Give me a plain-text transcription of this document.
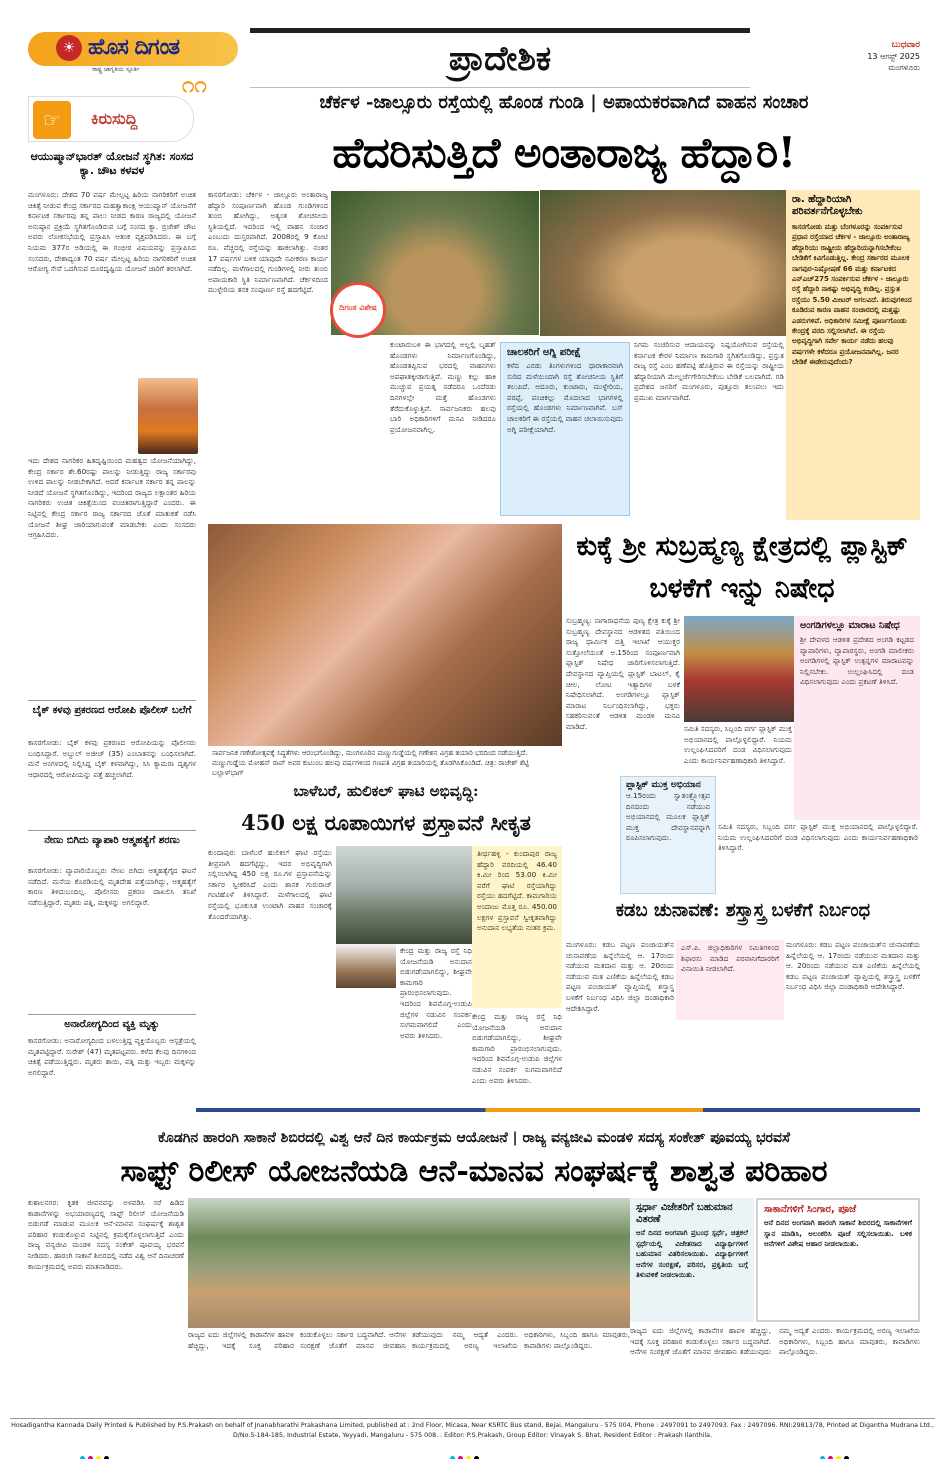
☀ ಹೊಸ ದಿಗಂತ
ರಾಷ್ಟ್ರ ಜಾಗೃತಿಯ ಸ್ಪೂರ್ತಿ
೧೧
ಪ್ರಾದೇಶಿಕ	ಬುಧವಾರ
13 ಆಗಸ್ಟ್ 2025
ಮಂಗಳೂರು
☞	ಕಿರುಸುದ್ದಿ
ಆಯುಷ್ಮಾನ್‌ಭಾರತ್ ಯೋಜನೆ ಸ್ಥಗಿತ: ಸಂಸದ ಕ್ಯಾ. ಚೌಟ ಕಳವಳ
ಮಂಗಳೂರು: ದೇಶದ 70 ವರ್ಷ ಮೇಲ್ಪಟ್ಟ ಹಿರಿಯ ನಾಗರಿಕರಿಗೆ ಉಚಿತ ಚಿಕಿತ್ಸೆ ನೀಡುವ ಕೇಂದ್ರ ಸರ್ಕಾರದ ಮಹತ್ವಾಕಾಂಕ್ಷಿ ಆಯುಷ್ಮಾನ್ ಯೋಜನೆಗೆ ಕರ್ನಾಟಕ ಸರ್ಕಾರವು ತನ್ನ ಪಾಲು ನೀಡದ ಕಾರಣ ರಾಜ್ಯದಲ್ಲಿ ಯೋಜನೆ ಅನುಷ್ಠಾನ ಪ್ರಕ್ರಿಯೆ ಸ್ಥಗಿತಗೊಂಡಿರುವ ಬಗ್ಗೆ ಸಂಸದ ಕ್ಯಾ. ಬ್ರಿಜೇಶ್ ಚೌಟ ಅವರು ಲೋಕಸಭೆಯಲ್ಲಿ ಪ್ರಸ್ತಾಪಿಸಿ ಆತಂಕ ವ್ಯಕ್ತಪಡಿಸಿದರು. ಈ ಬಗ್ಗೆ ನಿಯಮ 377ರ ಅಡಿಯಲ್ಲಿ ಈ ಗಂಭೀರ ವಿಷಯವನ್ನು ಪ್ರಸ್ತಾಪಿಸಿದ ಸಂಸದರು, ದೇಶಾದ್ಯಂತ 70 ವರ್ಷ ಮೇಲ್ಪಟ್ಟ ಹಿರಿಯ ನಾಗರಿಕರಿಗೆ ಉಚಿತ ಆರೋಗ್ಯ ಸೇವೆ ಒದಗಿಸುವ ದೂರದೃಷ್ಟಿಯ ಯೋಜನೆ ಜಾರಿಗೆ ತರಲಾಗಿದೆ.
ಇದು ದೇಶದ ನಾಗರಿಕರ ಹಿತದೃಷ್ಟಿಯಿಂದ ಮಹತ್ವದ ಯೋಜನೆಯಾಗಿದ್ದು, ಕೇಂದ್ರ ಸರ್ಕಾರ ಶೇ.60ರಷ್ಟು ಪಾಲನ್ನು ನೀಡುತ್ತಿದ್ದು ರಾಜ್ಯ ಸರ್ಕಾರವು ಉಳಿದ ಪಾಲನ್ನು ನೀಡಬೇಕಾಗಿದೆ. ಆದರೆ ಕರ್ನಾಟಕ ಸರ್ಕಾರ ತನ್ನ ಪಾಲನ್ನು ನೀಡದೆ ಯೋಜನೆ ಸ್ಥಗಿತಗೊಂಡಿದ್ದು, ಇದರಿಂದ ರಾಜ್ಯದ ಲಕ್ಷಾಂತರ ಹಿರಿಯ ನಾಗರಿಕರು ಉಚಿತ ಚಿಕಿತ್ಸೆಯಿಂದ ವಂಚಿತರಾಗುತ್ತಿದ್ದಾರೆ ಎಂದರು. ಈ ನಿಟ್ಟಿನಲ್ಲಿ ಕೇಂದ್ರ ಸರ್ಕಾರ ರಾಜ್ಯ ಸರ್ಕಾರದ ಜೊತೆ ಮಾತುಕತೆ ನಡೆಸಿ ಯೋಜನೆ ಶೀಘ್ರ ಜಾರಿಯಾಗುವಂತೆ ಮಾಡಬೇಕು ಎಂದು ಸಂಸದರು ಆಗ್ರಹಿಸಿದರು.
ಬೈಕ್ ಕಳವು ಪ್ರಕರಣದ ಆರೋಪಿ ಪೊಲೀಸ್ ಬಲೆಗೆ
ಕಾಸರಗೋಡು: ಬೈಕ್ ಕಳವು ಪ್ರಕರಣದ ಆರೋಪಿಯನ್ನು ಪೊಲೀಸರು ಬಂಧಿಸಿದ್ದಾರೆ. ಅಬ್ದುಲ್ ಅಜೀಜ್ (35) ಎಂಬಾತನನ್ನು ಬಂಧಿಸಲಾಗಿದೆ. ಮನೆ ಅಂಗಳದಲ್ಲಿ ನಿಲ್ಲಿಸಿದ್ದ ಬೈಕ್ ಕಳವಾಗಿದ್ದು, ಸಿಸಿ ಕ್ಯಾಮರಾ ದೃಶ್ಯಗಳ ಆಧಾರದಲ್ಲಿ ಆರೋಪಿಯನ್ನು ಪತ್ತೆ ಹಚ್ಚಲಾಗಿದೆ.
ನೇಣು ಬಿಗಿದು ವ್ಯಾಪಾರಿ ಆತ್ಮಹತ್ಯೆಗೆ ಶರಣು
ಕಾಸರಗೋಡು: ವ್ಯಾಪಾರಿಯೊಬ್ಬರು ನೇಣು ಬಿಗಿದು ಆತ್ಮಹತ್ಯೆಗೈದ ಘಟನೆ ನಡೆದಿದೆ. ಮನೆಯ ಕೊಠಡಿಯಲ್ಲಿ ಮೃತದೇಹ ಪತ್ತೆಯಾಗಿದ್ದು, ಆತ್ಮಹತ್ಯೆಗೆ ಕಾರಣ ತಿಳಿದುಬಂದಿಲ್ಲ. ಪೊಲೀಸರು ಪ್ರಕರಣ ದಾಖಲಿಸಿ ತನಿಖೆ ನಡೆಸುತ್ತಿದ್ದಾರೆ. ಮೃತರು ಪತ್ನಿ, ಮಕ್ಕಳನ್ನು ಅಗಲಿದ್ದಾರೆ.
ಅನಾರೋಗ್ಯದಿಂದ ವ್ಯಕ್ತಿ ಮೃತ್ಯು
ಕಾಸರಗೋಡು: ಅನಾರೋಗ್ಯದಿಂದ ಬಳಲುತ್ತಿದ್ದ ವ್ಯಕ್ತಿಯೊಬ್ಬರು ಆಸ್ಪತ್ರೆಯಲ್ಲಿ ಮೃತಪಟ್ಟಿದ್ದಾರೆ. ಸುರೇಶ್ (47) ಮೃತಪಟ್ಟವರು. ಕಳೆದ ಕೆಲವು ದಿನಗಳಿಂದ ಚಿಕಿತ್ಸೆ ಪಡೆಯುತ್ತಿದ್ದರು. ಮೃತರು ತಾಯಿ, ಪತ್ನಿ ಮತ್ತು ಇಬ್ಬರು ಮಕ್ಕಳನ್ನು ಅಗಲಿದ್ದಾರೆ.
ಚೆರ್ಕಳ -ಜಾಲ್ಸೂರು ರಸ್ತೆಯಲ್ಲಿ ಹೊಂಡ ಗುಂಡಿ | ಅಪಾಯಕರವಾಗಿದೆ ವಾಹನ ಸಂಚಾರ
ಹೆದರಿಸುತ್ತಿದೆ ಅಂತಾರಾಜ್ಯ ಹೆದ್ದಾರಿ!
ಕಾಸರಗೋಡು: ಚೆರ್ಕಳ - ಜಾಲ್ಸೂರು ಅಂತಾರಾಜ್ಯ ಹೆದ್ದಾರಿ ಸಂಪೂರ್ಣವಾಗಿ ಹೊಂಡ ಗುಂಡಿಗಳಿಂದ ತುಂಬಿ ಹೋಗಿದ್ದು, ಅತ್ಯಂತ ಶೋಚನೀಯ ಸ್ಥಿತಿಯಲ್ಲಿದೆ. ಇದರಿಂದ ಇಲ್ಲಿ ವಾಹನ ಸಂಚಾರ ಎಂಬುದು ದುಸ್ತರವಾಗಿದೆ. 2008ರಲ್ಲಿ 9 ಕೋಟಿ ರೂ. ವೆಚ್ಚದಲ್ಲಿ ರಸ್ತೆಯನ್ನು ಹಾಕಲಾಗಿತ್ತು. ನಂತರ 17 ವರ್ಷಗಳ ಬಳಿಕ ಯಾವುದೇ ನವೀಕರಣ ಕಾರ್ಯ ನಡೆದಿಲ್ಲ. ಮಳೆಗಾಲದಲ್ಲಿ ಗುಂಡಿಗಳಲ್ಲಿ ನೀರು ತುಂಬಿ ಅಪಾಯಕಾರಿ ಸ್ಥಿತಿ ನಿರ್ಮಾಣವಾಗಿದೆ. ಚೆರ್ಕಳದಿಂದ ಮುಳ್ಳೇರಿಯ ತನಕ ಸಂಪೂರ್ಣ ರಸ್ತೆ ಹದಗೆಟ್ಟಿದೆ.
ದಿಗಂತ ವಿಶೇಷ
ಕುಂಟಾರುಬಳಿ ಈ ಭಾಗದಲ್ಲಿ ಅಲ್ಲಲ್ಲಿ ಬೃಹತ್ ಹೊಂಡಗಳು ನಿರ್ಮಾಣಗೊಂಡಿದ್ದು, ಹೊಂಡತಪ್ಪಿಸುವ ಭರದಲ್ಲಿ ವಾಹನಗಳು ಅಪಘಾತಕ್ಕೀಡಾಗುತ್ತಿವೆ. ಮಣ್ಣು ಕಲ್ಲು ಹಾಕಿ ಮುಚ್ಚುವ ಪ್ರಯತ್ನ ನಡೆದರೂ ಒಂದೆರಡು ದಿನಗಳಲ್ಲೇ ಮತ್ತೆ ಹೊಂಡಗಳು ತೆರೆದುಕೊಳ್ಳುತ್ತಿವೆ. ಸಾರ್ವಜನಿಕರು ಹಲವು ಬಾರಿ ಅಧಿಕಾರಿಗಳಿಗೆ ಮನವಿ ನೀಡಿದರೂ ಪ್ರಯೋಜನವಾಗಿಲ್ಲ.
ಚಾಲಕರಿಗೆ ಅಗ್ನಿ ಪರೀಕ್ಷೆ
ಕಳೆದ ಎರಡು ತಿಂಗಳುಗಳಿಂದ ಧಾರಾಕಾರವಾಗಿ ಸುರಿದ ಮಳೆಯಿಂದಾಗಿ ರಸ್ತೆ ಶೋಚನೀಯ ಸ್ಥಿತಿಗೆ ತಲುಪಿದೆ. ಆದೂರು, ಕುಂಟಾರು, ಮುಳ್ಳೇರಿಯ, ಪರಪ್ಪೆ, ಪಂಚಿಕಲ್ಲು ಮೊದಲಾದ ಭಾಗಗಳಲ್ಲಿ ರಸ್ತೆಯಲ್ಲಿ ಹೊಂಡಗಳು ನಿರ್ಮಾಣವಾಗಿವೆ. ಬಸ್ ಚಾಲಕರಿಗೆ ಈ ರಸ್ತೆಯಲ್ಲಿ ವಾಹನ ಚಲಾಯಿಸುವುದು ಅಗ್ನಿ ಪರೀಕ್ಷೆಯಾಗಿದೆ.
ನಿಗಮ ಸಂಚರಿಸುವ ಆದಾಯವನ್ನು ನಿಷ್ಪಯೋಗಿಸುವ ರಸ್ತೆಯಲ್ಲಿ ಕರ್ನಾಟಕ ಕೇರಳ ನಿರ್ಮಾಣ ಕಾಮಗಾರಿ ಸ್ಥಗಿತಗೊಂಡಿದ್ದು, ಪ್ರಸ್ತುತ ರಾಜ್ಯ ರಸ್ತೆ ಎಂಬ ಹಣೆಪಟ್ಟಿ ಹೊತ್ತಿರುವ ಈ ರಸ್ತೆಯನ್ನು ರಾಷ್ಟ್ರೀಯ ಹೆದ್ದಾರಿಯಾಗಿ ಮೇಲ್ದರ್ಜೆಗೇರಿಸಬೇಕೆಂಬ ಬೇಡಿಕೆ ಬಲವಾಗಿದೆ. ಗಡಿ ಪ್ರದೇಶದ ಜನರಿಗೆ ಮಂಗಳೂರು, ಪುತ್ತೂರು ತಲುಪಲು ಇದು ಪ್ರಮುಖ ಮಾರ್ಗವಾಗಿದೆ.
ರಾ. ಹೆದ್ದಾರಿಯಾಗಿ ಪರಿವರ್ತನೆಗೊಳ್ಳಬೇಕು
ಕಾಸರಗೋಡು ಮತ್ತು ಬೆಂಗಳೂರನ್ನು ಸಂಪರ್ಕಿಸುವ ಪ್ರಧಾನ ರಸ್ತೆಯಾದ ಚೆರ್ಕಳ - ಜಾಲ್ಸೂರು ಅಂತಾರಾಜ್ಯ ಹೆದ್ದಾರಿಯು ರಾಷ್ಟ್ರೀಯ ಹೆದ್ದಾರಿಯನ್ನಾಗಿಸಬೇಕೆಂಬ ಬೇಡಿಕೆಗೆ ಕಿವಿಗೊಡುತ್ತಿಲ್ಲ. ಕೇಂದ್ರ ಸರ್ಕಾರದ ಮೂಲಕ ನಾಗಪುರ-ನಿಷ್ಕೋಷಣೆ 66 ಮತ್ತು ಕರ್ನಾಟಕದ ಎನ್‌ಎಚ್‌275 ಸಂಪರ್ಕಿಸುವ ಚೆರ್ಕಳ - ಜಾಲ್ಸೂರು ರಸ್ತೆ ಹೆದ್ದಾರಿ ನಾಕಷ್ಟು ಅಭಿವೃದ್ಧಿ ಕಂಡಿಲ್ಲ. ಪ್ರಸ್ತುತ ರಸ್ತೆಯು 5.50 ಮೀಟರ್ ಅಗಲವಿದೆ. ತಿರುವುಗಳಿಂದ ಕೂಡಿರುವ ಕಾರಣ ವಾಹನ ಸಂಚಾರದಲ್ಲಿ ಮತ್ತಷ್ಟು ಎಡರುಗಳಿವೆ. ಅಧಿಕಾರಿಗಳ ಸಮೀಕ್ಷೆ ಪೂರ್ಣಗೊಂಡು ಕೇಂದ್ರಕ್ಕೆ ವರದಿ ಸಲ್ಲಿಸಲಾಗಿದೆ. ಈ ರಸ್ತೆಯ ಅಭಿವೃದ್ಧಿಗಾಗಿ ಸರ್ವೇ ಕಾರ್ಯ ನಡೆದು ಹಲವು ವರ್ಷಗಳೇ ಕಳೆದರೂ ಪ್ರಯೋಜನವಾಗಿಲ್ಲ. ಜನರ ಬೇಡಿಕೆ ಈಡೇರುವುದೆಂದು?
ಸಾರ್ವಜನಿಕ ಗಣೇಶೋತ್ಸವಕ್ಕೆ ಸಿದ್ಧತೆಗಳು ಆರಂಭಗೊಂಡಿದ್ದು, ಮಂಗಳೂರಿನ ಮಣ್ಣುಗುಡ್ಡೆಯಲ್ಲಿ ಗಣೇಶನ ವಿಗ್ರಹ ತಯಾರಿ ಭರದಿಂದ ನಡೆಯುತ್ತಿದೆ. ಮಣ್ಣುಗುಡ್ಡೆಯ ಮೋಹನ್ ರಾವ್ ಅವರ ಕುಟುಂಬ ಹಲವು ವರ್ಷಗಳಿಂದ ಗಣಪತಿ ವಿಗ್ರಹ ತಯಾರಿಯಲ್ಲಿ ತೊಡಗಿಸಿಕೊಂಡಿದೆ. ಚಿತ್ರ: ರಾಜೇಶ್ ಶೆಟ್ಟಿ ಬಲ್ಲಾಳ್‌ಭಾಗ್
ಕುಕ್ಕೆ ಶ್ರೀ ಸುಬ್ರಹ್ಮಣ್ಯ ಕ್ಷೇತ್ರದಲ್ಲಿ ಪ್ಲಾಸ್ಟಿಕ್ ಬಳಕೆಗೆ ಇನ್ನು ನಿಷೇಧ
ಸುಬ್ರಹ್ಮಣ್ಯ: ನಾಗಾರಾಧನೆಯ ಪುಣ್ಯ ಕ್ಷೇತ್ರ ಕುಕ್ಕೆ ಶ್ರೀ ಸುಬ್ರಹ್ಮಣ್ಯ ದೇವಸ್ಥಾನದ ಆಡಳಿತದ ವತಿಯಿಂದ ರಾಜ್ಯ ಧಾರ್ಮಿಕ ದತ್ತಿ ಇಲಾಖೆ ಆಯುಕ್ತರ ಸುತ್ತೋಲೆಯಂತೆ ಆ.15ರಿಂದ ಸಂಪೂರ್ಣವಾಗಿ ಪ್ಲಾಸ್ಟಿಕ್ ನಿಷೇಧ ಜಾರಿಗೊಳಿಸಲಾಗುತ್ತಿದೆ. ದೇವಸ್ಥಾನದ ವ್ಯಾಪ್ತಿಯಲ್ಲಿ ಪ್ಲಾಸ್ಟಿಕ್ ಬಾಟಲ್, ಕೈ ಚೀಲ, ಲೋಟ ಇತ್ಯಾದಿಗಳ ಬಳಕೆ ನಿಷೇಧಿಸಲಾಗಿದೆ. ಅಂಗಡಿಗಳಲ್ಲೂ ಪ್ಲಾಸ್ಟಿಕ್ ಮಾರಾಟ ನಿರ್ಬಂಧಿಸಲಾಗಿದ್ದು, ಭಕ್ತರು ಸಹಕರಿಸುವಂತೆ ಆಡಳಿತ ಮಂಡಳಿ ಮನವಿ ಮಾಡಿದೆ.	ಸಮಿತಿ ಸದಸ್ಯರು, ಸಿಬ್ಬಂದಿ ವರ್ಗ ಪ್ಲಾಸ್ಟಿಕ್ ಮುಕ್ತ ಅಭಿಯಾನದಲ್ಲಿ ಪಾಲ್ಗೊಳ್ಳಲಿದ್ದಾರೆ. ನಿಯಮ ಉಲ್ಲಂಘಿಸಿದವರಿಗೆ ದಂಡ ವಿಧಿಸಲಾಗುವುದು ಎಂದು ಕಾರ್ಯನಿರ್ವಹಣಾಧಿಕಾರಿ ತಿಳಿಸಿದ್ದಾರೆ.
ಅಂಗಡಿಗಳಲ್ಲೂ ಮಾರಾಟ ನಿಷೇಧ
ಶ್ರೀ ದೇವಳದ ಆಡಳಿತ ಪ್ರದೇಶದ ಅಂಗಡಿ ಕಟ್ಟಡದ ವ್ಯಾಪಾರಿಗಳು, ವ್ಯಾಪಾರಸ್ಥರು, ಅಂಗಡಿ ಮಾಲೀಕರು ಅಂಗಡಿಗಳಲ್ಲಿ ಪ್ಲಾಸ್ಟಿಕ್ ಉತ್ಪನ್ನಗಳ ಮಾರಾಟವನ್ನು ನಿಲ್ಲಿಸಬೇಕು. ಉಲ್ಲಂಘಿಸಿದಲ್ಲಿ ದಂಡ ವಿಧಿಸಲಾಗುವುದು ಎಂದು ಪ್ರಕಟಣೆ ತಿಳಿಸಿದೆ.
ಪ್ಲಾಸ್ಟಿಕ್ ಮುಕ್ತ ಅಭಿಯಾನ
ಆ.15ರಂದು ಸ್ವಾತಂತ್ರ್ಯೋತ್ಸವ ದಿನದಂದು ನಡೆಯುವ ಅಭಿಯಾನದಲ್ಲಿ ಮೂಲಕ ಪ್ಲಾಸ್ಟಿಕ್ ಮುಕ್ತ ದೇವಸ್ಥಾನವನ್ನಾಗಿ ರೂಪಿಸಲಾಗುವುದು.
ಸಮಿತಿ ಸದಸ್ಯರು, ಸಿಬ್ಬಂದಿ ವರ್ಗ ಪ್ಲಾಸ್ಟಿಕ್ ಮುಕ್ತ ಅಭಿಯಾನದಲ್ಲಿ ಪಾಲ್ಗೊಳ್ಳಲಿದ್ದಾರೆ. ನಿಯಮ ಉಲ್ಲಂಘಿಸಿದವರಿಗೆ ದಂಡ ವಿಧಿಸಲಾಗುವುದು ಎಂದು ಕಾರ್ಯನಿರ್ವಹಣಾಧಿಕಾರಿ ತಿಳಿಸಿದ್ದಾರೆ.
ಬಾಳೆಬರೆ, ಹುಲಿಕಲ್ ಘಾಟಿ ಅಭಿವೃದ್ಧಿ:
450 ಲಕ್ಷ ರೂಪಾಯಿಗಳ ಪ್ರಸ್ತಾವನೆ ಸೀಕೃತ
ಕುಂದಾಪುರ: ಬಾಳೆಬರೆ ಹುಲಿಕಲ್ ಘಾಟಿ ರಸ್ತೆಯು ತೀವ್ರವಾಗಿ ಹದಗೆಟ್ಟಿದ್ದು, ಇದರ ಅಭಿವೃದ್ಧಿಗಾಗಿ ಸಲ್ಲಿಸಲಾಗಿದ್ದ 450 ಲಕ್ಷ ರೂ.ಗಳ ಪ್ರಸ್ತಾವನೆಯನ್ನು ಸರ್ಕಾರ ಸ್ವೀಕರಿಸಿದೆ ಎಂದು ಶಾಸಕ ಗುರುರಾಜ್ ಗಂಟಿಹೊಳೆ ತಿಳಿಸಿದ್ದಾರೆ. ಮಳೆಗಾಲದಲ್ಲಿ ಘಾಟಿ ರಸ್ತೆಯಲ್ಲಿ ಭೂಕುಸಿತ ಉಂಟಾಗಿ ವಾಹನ ಸಂಚಾರಕ್ಕೆ ತೊಂದರೆಯಾಗಿತ್ತು.
ಕೇಂದ್ರ ಮತ್ತು ರಾಜ್ಯ ರಸ್ತೆ ನಿಧಿ ಯೋಜನೆಯಡಿ ಅನುದಾನ ಬಿಡುಗಡೆಯಾಗಲಿದ್ದು, ಶೀಘ್ರವೇ ಕಾಮಗಾರಿ ಪ್ರಾರಂಭಿಸಲಾಗುವುದು. ಇದರಿಂದ ಶಿವಮೊಗ್ಗ-ಉಡುಪಿ ಜಿಲ್ಲೆಗಳ ನಡುವಿನ ಸಂಪರ್ಕ ಸುಗಮವಾಗಲಿದೆ ಎಂದು ಅವರು ತಿಳಿಸಿದರು.
ತೀರ್ಥಹಳ್ಳಿ - ಕುಂದಾಪುರ ರಾಜ್ಯ ಹೆದ್ದಾರಿ ವರದಿಯಲ್ಲಿ 46.40 ಕಿ.ಮೀ ರಿಂದ 53.00 ಕಿ.ಮೀ ವರೆಗೆ ಘಾಟಿ ರಸ್ತೆಯಾಗಿದ್ದು ರಸ್ತೆಯು ಹದಗೆಟ್ಟಿದೆ. ಕಾಮಗಾರಿಯ ಅಂದಾಜು ಮೊತ್ತ ರೂ. 450.00 ಲಕ್ಷಗಳ ಪ್ರಸ್ತಾವನೆ ಸ್ವೀಕೃತವಾಗಿದ್ದು ಅನುದಾನ ಲಭ್ಯತೆಯ ನಂತರ ಕ್ರಮ.
ಕೇಂದ್ರ ಮತ್ತು ರಾಜ್ಯ ರಸ್ತೆ ನಿಧಿ ಯೋಜನೆಯಡಿ ಅನುದಾನ ಬಿಡುಗಡೆಯಾಗಲಿದ್ದು, ಶೀಘ್ರವೇ ಕಾಮಗಾರಿ ಪ್ರಾರಂಭಿಸಲಾಗುವುದು. ಇದರಿಂದ ಶಿವಮೊಗ್ಗ-ಉಡುಪಿ ಜಿಲ್ಲೆಗಳ ನಡುವಿನ ಸಂಪರ್ಕ ಸುಗಮವಾಗಲಿದೆ ಎಂದು ಅವರು ತಿಳಿಸಿದರು.
ಕಡಬ ಚುನಾವಣೆ: ಶಸ್ತ್ರಾಸ್ತ್ರ ಬಳಕೆಗೆ ನಿರ್ಬಂಧ
ಮಂಗಳೂರು: ಕಡಬ ಪಟ್ಟಣ ಪಂಚಾಯತ್‌ನ ಚುನಾವಣೆಯ ಹಿನ್ನೆಲೆಯಲ್ಲಿ ಆ. 17ರಂದು ನಡೆಯುವ ಮತದಾನ ಮತ್ತು ಆ. 20ರಂದು ನಡೆಯುವ ಮತ ಎಣಿಕೆಯ ಹಿನ್ನೆಲೆಯಲ್ಲಿ ಕಡಬ ಪಟ್ಟಣ ಪಂಚಾಯತ್ ವ್ಯಾಪ್ತಿಯಲ್ಲಿ ಶಸ್ತ್ರಾಸ್ತ್ರ ಬಳಕೆಗೆ ನಿರ್ಬಂಧ ವಿಧಿಸಿ ಜಿಲ್ಲಾ ದಂಡಾಧಿಕಾರಿ ಆದೇಶಿಸಿದ್ದಾರೆ.
ಎಸ್.ಪಿ. ಜಿಲ್ಲಾಧಿಕಾರಿಗಳ ಸಮಿತಿಗಳಿಂದ ಶಿಫಾರಸು ಮಾಡಿದ ಪರವಾನಿಗೆದಾರರಿಗೆ ವಿನಾಯಿತಿ ನೀಡಲಾಗಿದೆ.
ಮಂಗಳೂರು: ಕಡಬ ಪಟ್ಟಣ ಪಂಚಾಯತ್‌ನ ಚುನಾವಣೆಯ ಹಿನ್ನೆಲೆಯಲ್ಲಿ ಆ. 17ರಂದು ನಡೆಯುವ ಮತದಾನ ಮತ್ತು ಆ. 20ರಂದು ನಡೆಯುವ ಮತ ಎಣಿಕೆಯ ಹಿನ್ನೆಲೆಯಲ್ಲಿ ಕಡಬ ಪಟ್ಟಣ ಪಂಚಾಯತ್ ವ್ಯಾಪ್ತಿಯಲ್ಲಿ ಶಸ್ತ್ರಾಸ್ತ್ರ ಬಳಕೆಗೆ ನಿರ್ಬಂಧ ವಿಧಿಸಿ ಜಿಲ್ಲಾ ದಂಡಾಧಿಕಾರಿ ಆದೇಶಿಸಿದ್ದಾರೆ.
ಕೊಡಗಿನ ಹಾರಂಗಿ ಸಾಕಾನೆ ಶಿಬಿರದಲ್ಲಿ ವಿಶ್ವ ಆನೆ ದಿನ ಕಾರ್ಯಕ್ರಮ ಆಯೋಜನೆ | ರಾಜ್ಯ ವನ್ಯಜೀವಿ ಮಂಡಳಿ ಸದಸ್ಯ ಸಂಕೇತ್ ಪೂವಯ್ಯ ಭರವಸೆ
ಸಾಫ್ಟ್ ರಿಲೀಸ್ ಯೋಜನೆಯಡಿ ಆನೆ-ಮಾನವ ಸಂಘರ್ಷಕ್ಕೆ ಶಾಶ್ವತ ಪರಿಹಾರ
ಕುಶಾಲನಗರ: ಕೃತಕ ಜೀವನವನ್ನು ಅಳವಡಿಸಿ ಸರೆ ಹಿಡಿದ ಕಾಡಾನೆಗಳನ್ನು ಅಭಯಾರಣ್ಯದಲ್ಲಿ ಸಾಫ್ಟ್ ರಿಲೀಸ್ ಯೋಜನೆಯಡಿ ಬಿಡುಗಡೆ ಮಾಡುವ ಮೂಲಕ ಆನೆ-ಮಾನವ ಸಂಘರ್ಷಕ್ಕೆ ಶಾಶ್ವತ ಪರಿಹಾರ ಕಂಡುಕೊಳ್ಳುವ ನಿಟ್ಟಿನಲ್ಲಿ ಕ್ರಮಕೈಗೊಳ್ಳಲಾಗುತ್ತಿದೆ ಎಂದು ರಾಜ್ಯ ವನ್ಯಜೀವಿ ಮಂಡಳಿ ಸದಸ್ಯ ಸಂಕೇತ್ ಪೂವಯ್ಯ ಭರವಸೆ ನೀಡಿದರು. ಹಾರಂಗಿ ಸಾಕಾನೆ ಶಿಬಿರದಲ್ಲಿ ನಡೆದ ವಿಶ್ವ ಆನೆ ದಿನಾಚರಣೆ ಕಾರ್ಯಕ್ರಮದಲ್ಲಿ ಅವರು ಮಾತನಾಡಿದರು.
ರಾಜ್ಯದ ಐದು ಜಿಲ್ಲೆಗಳಲ್ಲಿ ಕಾಡಾನೆಗಳ ಹಾವಳಿ ಹೆಚ್ಚಿದ್ದು, ಇದಕ್ಕೆ ಸೂಕ್ತ ಪರಿಹಾರ ಕಂಡುಕೊಳ್ಳಲು ಸರ್ಕಾರ ಬದ್ಧವಾಗಿದೆ. ಆನೆಗಳ ಸಂರಕ್ಷಣೆ ಜೊತೆಗೆ ಮಾನವ ಜೀವಹಾನಿ ತಡೆಯುವುದು ನಮ್ಮ ಆದ್ಯತೆ ಎಂದರು. ಕಾರ್ಯಕ್ರಮದಲ್ಲಿ ಅರಣ್ಯ ಇಲಾಖೆಯ ಅಧಿಕಾರಿಗಳು, ಸಿಬ್ಬಂದಿ ಹಾಗೂ ಮಾವುತರು, ಕಾವಾಡಿಗಳು ಪಾಲ್ಗೊಂಡಿದ್ದರು.
ಸ್ಪರ್ಧಾ ವಿಜೇತರಿಗೆ ಬಹುಮಾನ ವಿತರಣೆ
ಆನೆ ದಿನದ ಅಂಗವಾಗಿ ಪ್ರಬಂಧ ಸ್ಪರ್ಧೆ, ಚಿತ್ರಕಲೆ ಸ್ಪರ್ಧೆಯಲ್ಲಿ ವಿಜೇತರಾದ ವಿದ್ಯಾರ್ಥಿಗಳಿಗೆ ಬಹುಮಾನ ವಿತರಿಸಲಾಯಿತು. ವಿದ್ಯಾರ್ಥಿಗಳಿಗೆ ಆನೆಗಳ ಸಂರಕ್ಷಣೆ, ಪರಿಸರ, ಪ್ರಕೃತಿಯ ಬಗ್ಗೆ ತಿಳುವಳಿಕೆ ನೀಡಲಾಯಿತು.
ಸಾಕಾನೆಗಳಿಗೆ ಸಿಂಗಾರ, ಪೂಜೆ
ಆನೆ ದಿನದ ಅಂಗವಾಗಿ ಹಾರಂಗಿ ಸಾಕಾನೆ ಶಿಬಿರದಲ್ಲಿ ಸಾಕಾನೆಗಳಿಗೆ ಸ್ನಾನ ಮಾಡಿಸಿ, ಅಲಂಕರಿಸಿ ಪೂಜೆ ಸಲ್ಲಿಸಲಾಯಿತು. ಬಳಿಕ ಆನೆಗಳಿಗೆ ವಿಶೇಷ ಆಹಾರ ನೀಡಲಾಯಿತು.
ರಾಜ್ಯದ ಐದು ಜಿಲ್ಲೆಗಳಲ್ಲಿ ಕಾಡಾನೆಗಳ ಹಾವಳಿ ಹೆಚ್ಚಿದ್ದು, ಇದಕ್ಕೆ ಸೂಕ್ತ ಪರಿಹಾರ ಕಂಡುಕೊಳ್ಳಲು ಸರ್ಕಾರ ಬದ್ಧವಾಗಿದೆ. ಆನೆಗಳ ಸಂರಕ್ಷಣೆ ಜೊತೆಗೆ ಮಾನವ ಜೀವಹಾನಿ ತಡೆಯುವುದು ನಮ್ಮ ಆದ್ಯತೆ ಎಂದರು. ಕಾರ್ಯಕ್ರಮದಲ್ಲಿ ಅರಣ್ಯ ಇಲಾಖೆಯ ಅಧಿಕಾರಿಗಳು, ಸಿಬ್ಬಂದಿ ಹಾಗೂ ಮಾವುತರು, ಕಾವಾಡಿಗಳು ಪಾಲ್ಗೊಂಡಿದ್ದರು.
Hosadigantha Kannada Daily Printed & Published by P.S.Prakash on behalf of Jnanabharathi Prakashana Limited, published at : 2nd Floor, Micasa, Near KSRTC Bus stand, Bejai, Mangaluru - 575 004, Phone : 2497091 to 2497093. Fax : 2497096. RNI:29813/78, Printed at Digantha Mudrana Ltd., D/No.5-184-185, Industrial Estate, Yeyyadi, Mangaluru - 575 008. . Editor: P.S.Prakash, Group Editor: Vinayak S. Bhat, Resident Editor : Prakash Ilanthila.
